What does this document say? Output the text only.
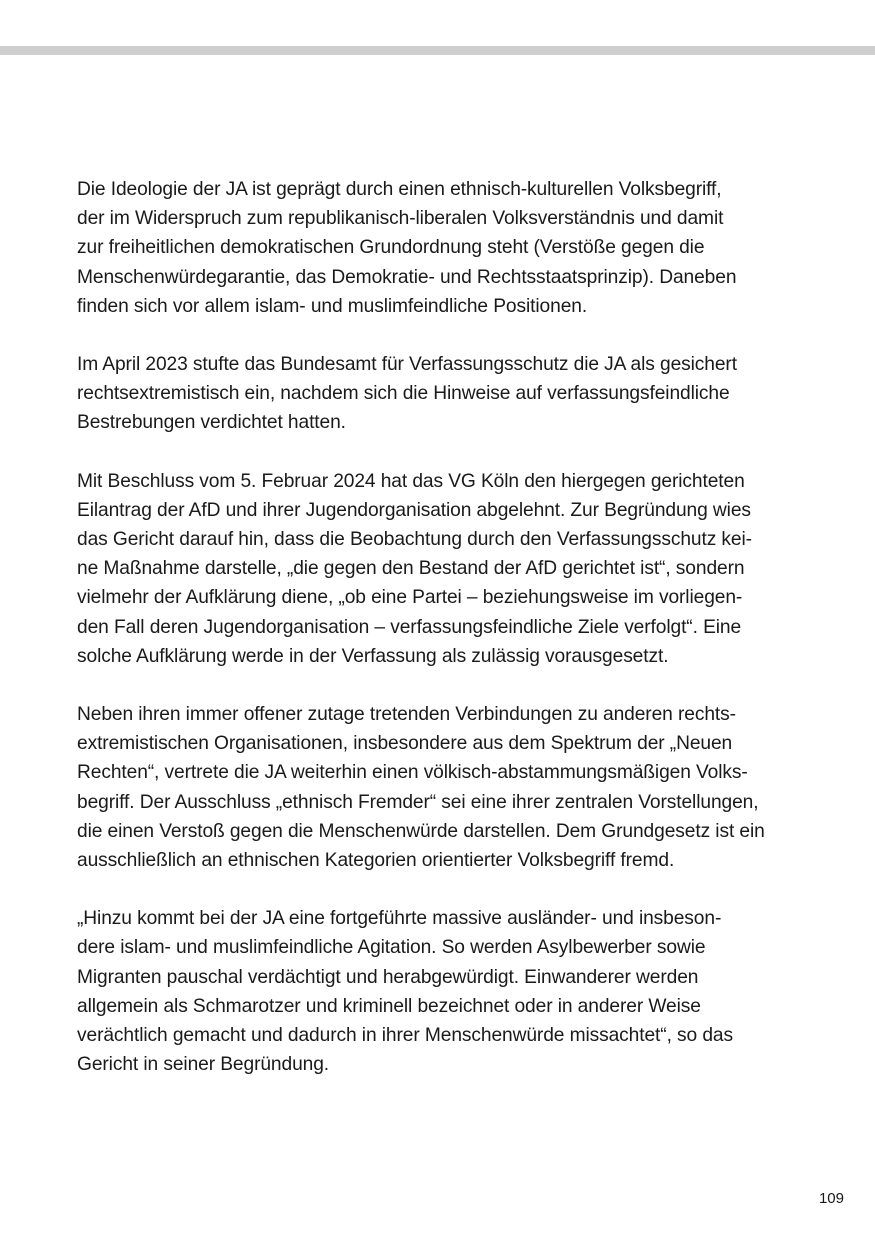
Die Ideologie der JA ist geprägt durch einen ethnisch-kulturellen Volksbegriff,
der im Widerspruch zum republikanisch-liberalen Volksverständnis und damit
zur freiheitlichen demokratischen Grundordnung steht (Verstöße gegen die
Menschenwürdegarantie, das Demokratie- und Rechtsstaatsprinzip). Daneben
finden sich vor allem islam- und muslimfeindliche Positionen.

Im April 2023 stufte das Bundesamt für Verfassungsschutz die JA als gesichert
rechtsextremistisch ein, nachdem sich die Hinweise auf verfassungsfeindliche
Bestrebungen verdichtet hatten.

Mit Beschluss vom 5. Februar 2024 hat das VG Köln den hiergegen gerichteten
Eilantrag der AfD und ihrer Jugendorganisation abgelehnt. Zur Begründung wies
das Gericht darauf hin, dass die Beobachtung durch den Verfassungsschutz kei-
ne Maßnahme darstelle, „die gegen den Bestand der AfD gerichtet ist“, sondern
vielmehr der Aufklärung diene, „ob eine Partei – beziehungsweise im vorliegen-
den Fall deren Jugendorganisation – verfassungsfeindliche Ziele verfolgt“. Eine
solche Aufklärung werde in der Verfassung als zulässig vorausgesetzt.

Neben ihren immer offener zutage tretenden Verbindungen zu anderen rechts-
extremistischen Organisationen, insbesondere aus dem Spektrum der „Neuen
Rechten“, vertrete die JA weiterhin einen völkisch-abstammungsmäßigen Volks-
begriff. Der Ausschluss „ethnisch Fremder“ sei eine ihrer zentralen Vorstellungen,
die einen Verstoß gegen die Menschenwürde darstellen. Dem Grundgesetz ist ein
ausschließlich an ethnischen Kategorien orientierter Volksbegriff fremd.

„Hinzu kommt bei der JA eine fortgeführte massive ausländer- und insbeson-
dere islam- und muslimfeindliche Agitation. So werden Asylbewerber sowie
Migranten pauschal verdächtigt und herabgewürdigt. Einwanderer werden
allgemein als Schmarotzer und kriminell bezeichnet oder in anderer Weise
verächtlich gemacht und dadurch in ihrer Menschenwürde missachtet“, so das
Gericht in seiner Begründung.

109
